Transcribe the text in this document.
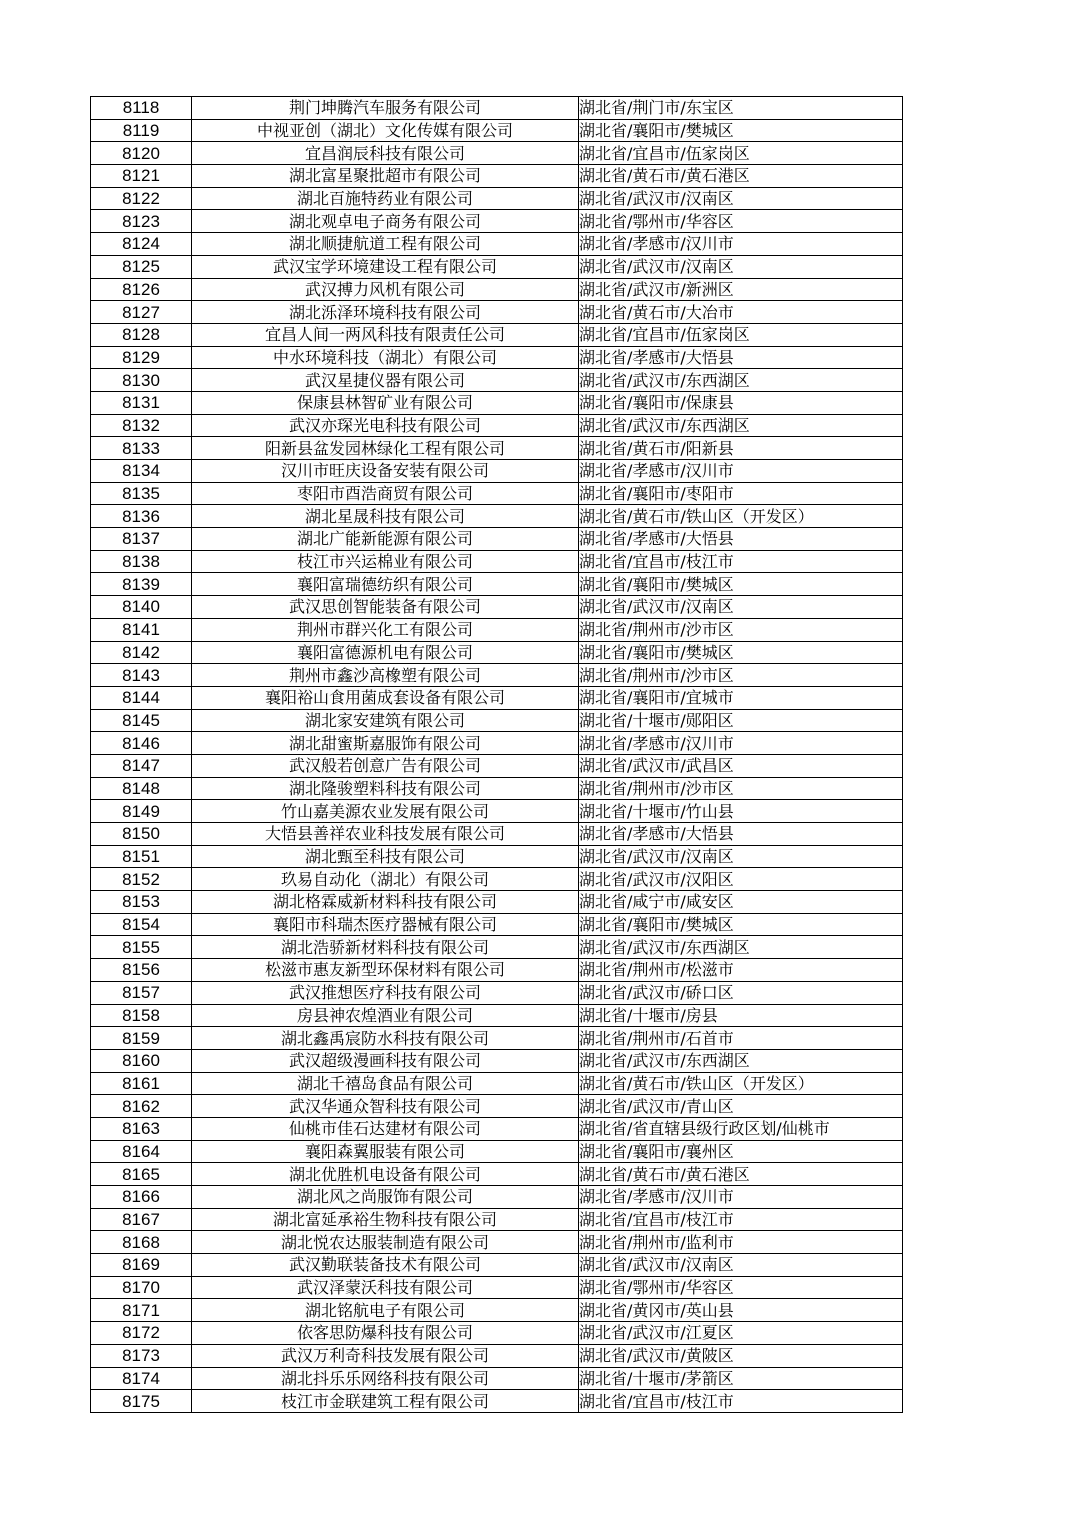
8118	荆门坤腾汽车服务有限公司	湖北省/荆门市/东宝区
8119	中视亚创（湖北）文化传媒有限公司	湖北省/襄阳市/樊城区
8120	宜昌润辰科技有限公司	湖北省/宜昌市/伍家岗区
8121	湖北富星聚批超市有限公司	湖北省/黄石市/黄石港区
8122	湖北百施特药业有限公司	湖北省/武汉市/汉南区
8123	湖北观卓电子商务有限公司	湖北省/鄂州市/华容区
8124	湖北顺捷航道工程有限公司	湖北省/孝感市/汉川市
8125	武汉宝学环境建设工程有限公司	湖北省/武汉市/汉南区
8126	武汉搏力风机有限公司	湖北省/武汉市/新洲区
8127	湖北泺泽环境科技有限公司	湖北省/黄石市/大冶市
8128	宜昌人间一两风科技有限责任公司	湖北省/宜昌市/伍家岗区
8129	中水环境科技（湖北）有限公司	湖北省/孝感市/大悟县
8130	武汉星捷仪器有限公司	湖北省/武汉市/东西湖区
8131	保康县林智矿业有限公司	湖北省/襄阳市/保康县
8132	武汉亦琛光电科技有限公司	湖北省/武汉市/东西湖区
8133	阳新县盆发园林绿化工程有限公司	湖北省/黄石市/阳新县
8134	汉川市旺庆设备安装有限公司	湖北省/孝感市/汉川市
8135	枣阳市酉浩商贸有限公司	湖北省/襄阳市/枣阳市
8136	湖北星晟科技有限公司	湖北省/黄石市/铁山区（开发区）
8137	湖北广能新能源有限公司	湖北省/孝感市/大悟县
8138	枝江市兴运棉业有限公司	湖北省/宜昌市/枝江市
8139	襄阳富瑞德纺织有限公司	湖北省/襄阳市/樊城区
8140	武汉思创智能装备有限公司	湖北省/武汉市/汉南区
8141	荆州市群兴化工有限公司	湖北省/荆州市/沙市区
8142	襄阳富德源机电有限公司	湖北省/襄阳市/樊城区
8143	荆州市鑫沙高橡塑有限公司	湖北省/荆州市/沙市区
8144	襄阳裕山食用菌成套设备有限公司	湖北省/襄阳市/宜城市
8145	湖北家安建筑有限公司	湖北省/十堰市/郧阳区
8146	湖北甜蜜斯嘉服饰有限公司	湖北省/孝感市/汉川市
8147	武汉般若创意广告有限公司	湖北省/武汉市/武昌区
8148	湖北隆骏塑料科技有限公司	湖北省/荆州市/沙市区
8149	竹山嘉美源农业发展有限公司	湖北省/十堰市/竹山县
8150	大悟县善祥农业科技发展有限公司	湖北省/孝感市/大悟县
8151	湖北甄至科技有限公司	湖北省/武汉市/汉南区
8152	玖易自动化（湖北）有限公司	湖北省/武汉市/汉阳区
8153	湖北格霖威新材料科技有限公司	湖北省/咸宁市/咸安区
8154	襄阳市科瑞杰医疗器械有限公司	湖北省/襄阳市/樊城区
8155	湖北浩骄新材料科技有限公司	湖北省/武汉市/东西湖区
8156	松滋市惠友新型环保材料有限公司	湖北省/荆州市/松滋市
8157	武汉推想医疗科技有限公司	湖北省/武汉市/硚口区
8158	房县神农煌酒业有限公司	湖北省/十堰市/房县
8159	湖北鑫禹宸防水科技有限公司	湖北省/荆州市/石首市
8160	武汉超级漫画科技有限公司	湖北省/武汉市/东西湖区
8161	湖北千禧岛食品有限公司	湖北省/黄石市/铁山区（开发区）
8162	武汉华通众智科技有限公司	湖北省/武汉市/青山区
8163	仙桃市佳石达建材有限公司	湖北省/省直辖县级行政区划/仙桃市
8164	襄阳森翼服装有限公司	湖北省/襄阳市/襄州区
8165	湖北优胜机电设备有限公司	湖北省/黄石市/黄石港区
8166	湖北风之尚服饰有限公司	湖北省/孝感市/汉川市
8167	湖北富延承裕生物科技有限公司	湖北省/宜昌市/枝江市
8168	湖北悦农达服装制造有限公司	湖北省/荆州市/监利市
8169	武汉勤联装备技术有限公司	湖北省/武汉市/汉南区
8170	武汉泽蒙沃科技有限公司	湖北省/鄂州市/华容区
8171	湖北铭航电子有限公司	湖北省/黄冈市/英山县
8172	依客思防爆科技有限公司	湖北省/武汉市/江夏区
8173	武汉万利奇科技发展有限公司	湖北省/武汉市/黄陂区
8174	湖北抖乐乐网络科技有限公司	湖北省/十堰市/茅箭区
8175	枝江市金联建筑工程有限公司	湖北省/宜昌市/枝江市
